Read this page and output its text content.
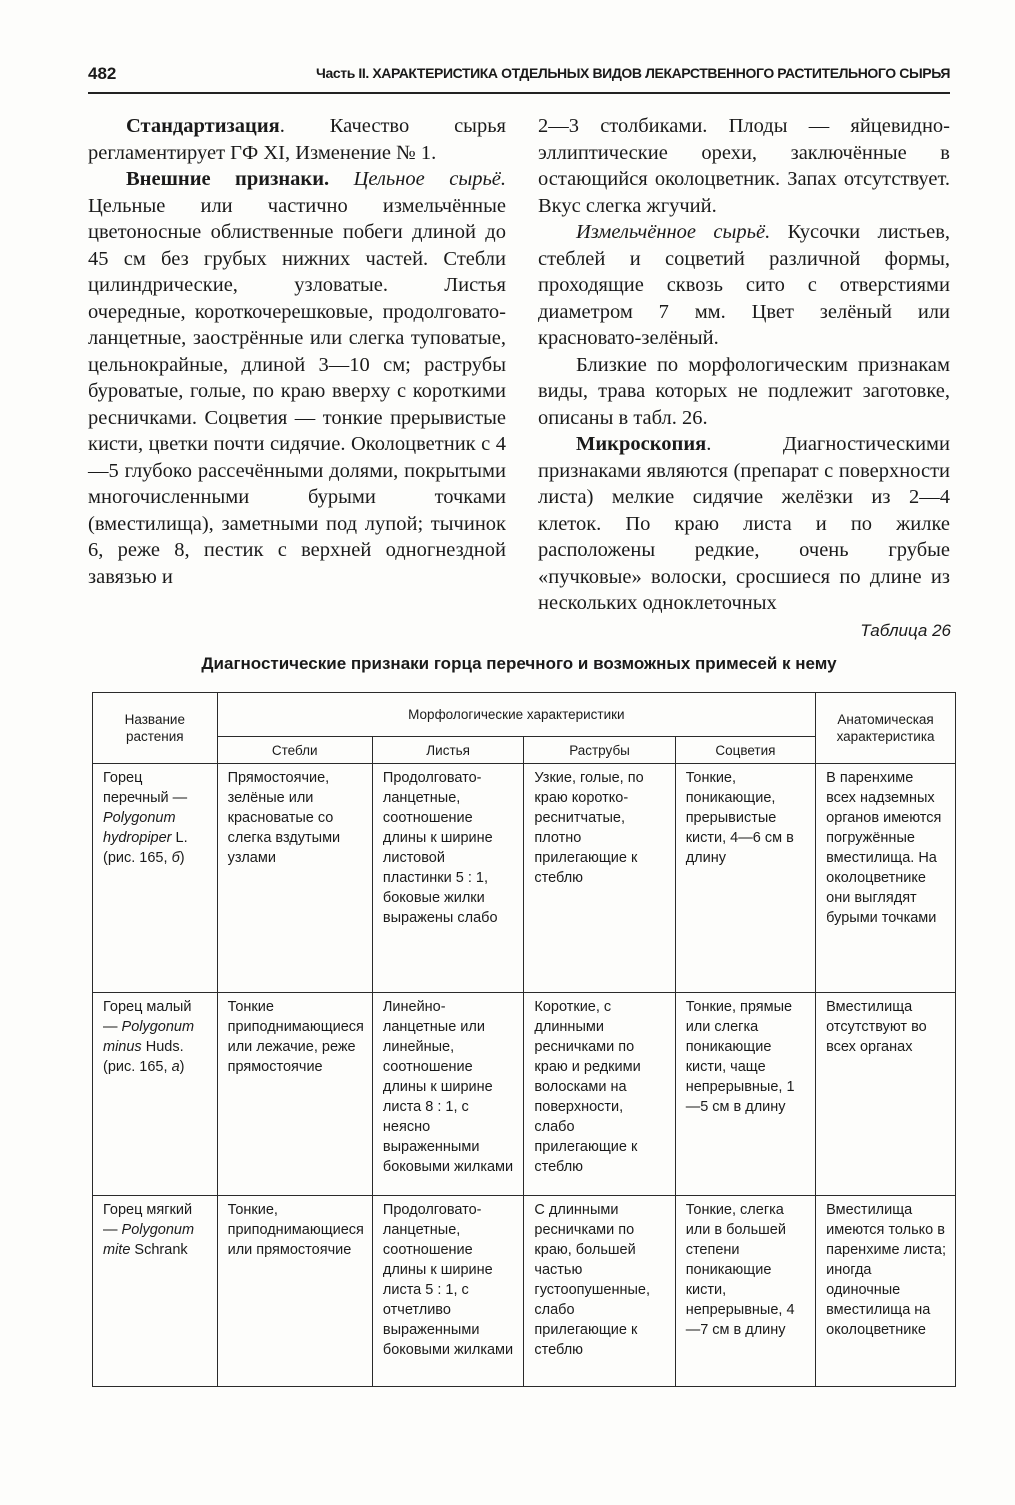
482	Часть II. ХАРАКТЕРИСТИКА ОТДЕЛЬНЫХ ВИДОВ ЛЕКАРСТВЕННОГО РАСТИТЕЛЬНОГО СЫРЬЯ

Стандартизация. Качество сырья регламентирует ГФ XI, Изменение № 1.

Внешние признаки. Цельное сырьё. Цельные или частично измельчённые цветоносные облиственные побеги длиной до 45 см без грубых нижних частей. Стебли цилиндрические, узловатые. Листья очередные, короткочерешковые, продолговато-ланцетные, заострённые или слегка туповатые, цельнокрайные, длиной 3—10 см; раструбы буроватые, голые, по краю вверху с короткими ресничками. Соцветия — тонкие прерывистые кисти, цветки почти сидячие. Околоцветник с 4—5 глубоко рассечёнными долями, покрытыми многочисленными бурыми точками (вместилища), заметными под лупой; тычинок 6, реже 8, пестик с верхней одногнездной завязью и

2—3 столбиками. Плоды — яйцевидно-эллиптические орехи, заключённые в остающийся околоцветник. Запах отсутствует. Вкус слегка жгучий.

Измельчённое сырьё. Кусочки листьев, стеблей и соцветий различной формы, проходящие сквозь сито с отверстиями диаметром 7 мм. Цвет зелёный или красновато-зелёный.

Близкие по морфологическим признакам виды, трава которых не подлежит заготовке, описаны в табл. 26.

Микроскопия. Диагностическими признаками являются (препарат с поверхности листа) мелкие сидячие желёзки из 2—4 клеток. По краю листа и по жилке расположены редкие, очень грубые «пучковые» волоски, сросшиеся по длине из нескольких одноклеточных

Таблица 26
Диагностические признаки горца перечного и возможных примесей к нему
Название растения	Морфологические характеристики				Анатомическая характеристика
	Стебли	Листья	Раструбы	Соцветия	
Горец перечный — Polygonum hydropiper L. (рис. 165, б)	Прямостоячие, зелёные или красноватые со слегка вздутыми узлами	Продолговато-ланцетные, соотношение длины к ширине листовой пластинки 5 : 1, боковые жилки выражены слабо	Узкие, голые, по краю короткореснитчатые, плотно прилегающие к стеблю	Тонкие, поникающие, прерывистые кисти, 4—6 см в длину	В паренхиме всех надземных органов имеются погружённые вместилища. На околоцветнике они выглядят бурыми точками
Горец малый — Polygonum minus Huds. (рис. 165, а)	Тонкие приподнимающиеся или лежачие, реже прямостоячие	Линейно-ланцетные или линейные, соотношение длины к ширине листа 8 : 1, с неясно выраженными боковыми жилками	Короткие, с длинными ресничками по краю и редкими волосками на поверхности, слабо прилегающие к стеблю	Тонкие, прямые или слегка поникающие кисти, чаще непрерывные, 1—5 см в длину	Вместилища отсутствуют во всех органах
Горец мягкий — Polygonum mite Schrank	Тонкие, приподнимающиеся или прямостоячие	Продолговато-ланцетные, соотношение длины к ширине листа 5 : 1, с отчетливо выраженными боковыми жилками	С длинными ресничками по краю, большей частью густоопушенные, слабо прилегающие к стеблю	Тонкие, слегка или в большей степени поникающие кисти, непрерывные, 4—7 см в длину	Вместилища имеются только в паренхиме листа; иногда одиночные вместилища на околоцветнике
